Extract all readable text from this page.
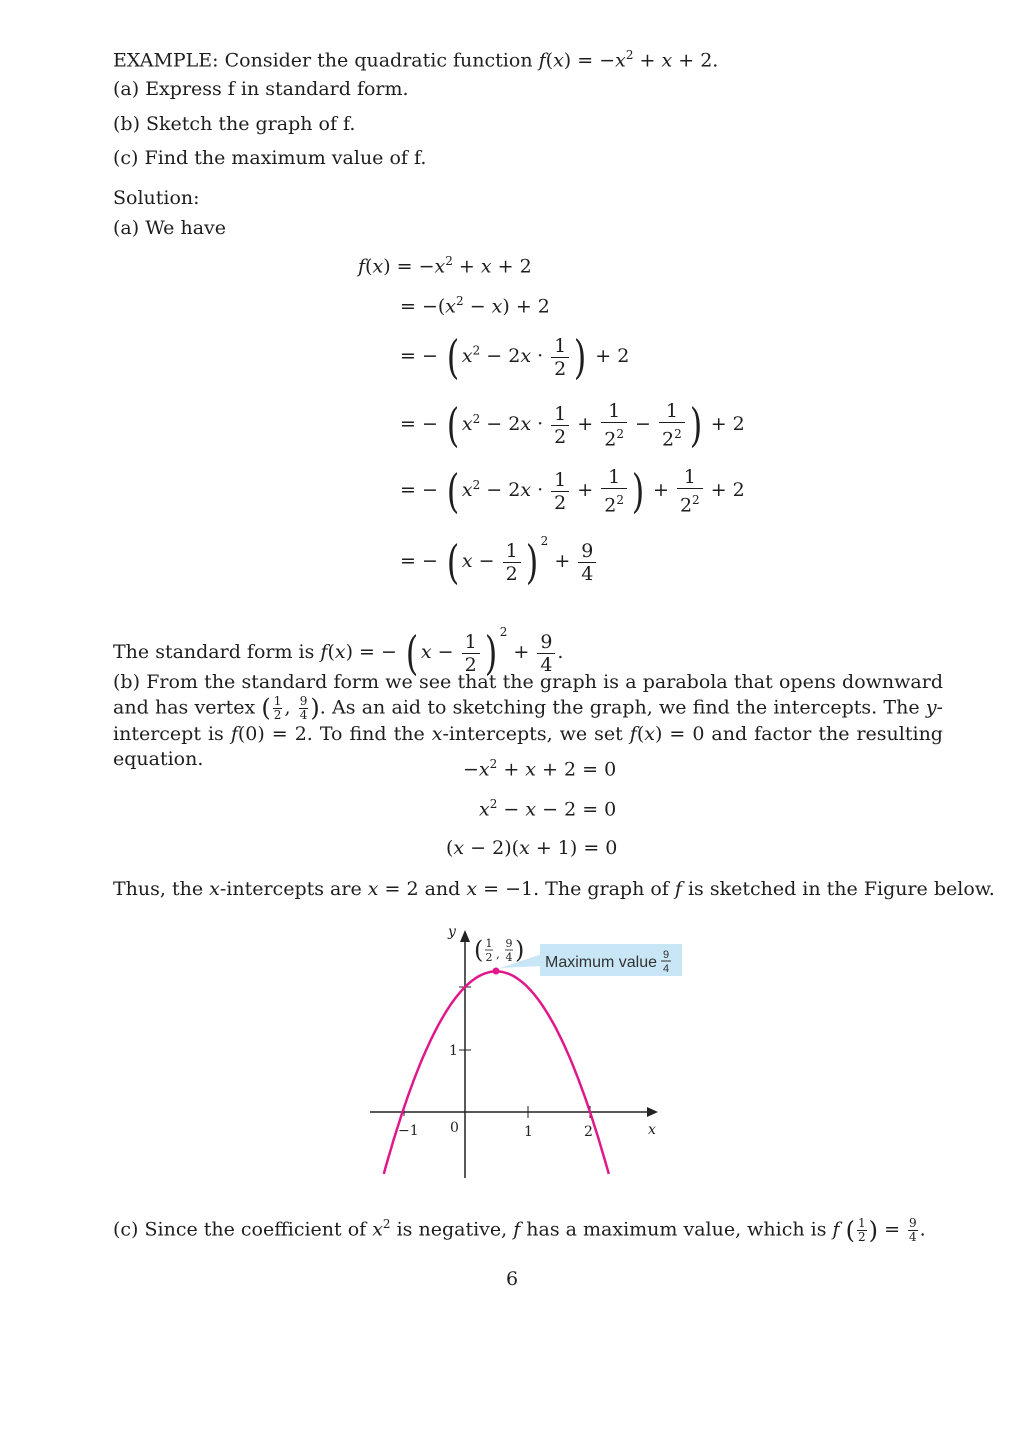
EXAMPLE: Consider the quadratic function $f(x) = -x^2 + x + 2$.
(a) Express f in standard form.
(b) Sketch the graph of f.
(c) Find the maximum value of f.
Solution:
(a) We have
$f(x) = -x^2 + x + 2$
= $-(x^2 - x) + 2$
= − ( $x^2 - 2x \cdot \frac{1}{2}$ ) + 2
= − ( $x^2 - 2x \cdot \frac{1}{2} + \frac{1}{2^2} - \frac{1}{2^2}$ ) + 2
= − ( $x^2 - 2x \cdot \frac{1}{2} + \frac{1}{2^2}$ ) + $\frac{1}{2^2} + 2$
= − ( $x - \frac{1}{2}$ ) $^2 + \frac{9}{4}$
The standard form is f(x) = − ( $x - \frac{1}{2}$ ) $^2 + \frac{9}{4}$ .
(b) From the standard form we see that the graph is a parabola that opens downward and has vertex ( $\frac{1}{2}$ , $\frac{9}{4}$ ). As an aid to sketching the graph, we find the intercepts. The y-intercept is f(0) = 2. To find the x-intercepts, we set f(x) = 0 and factor the resulting equation.	$-x^2 + x + 2 = 0$
$x^2 - x - 2 = 0$
(x − 2)(x + 1) = 0
Thus, the x-intercepts are x = 2 and x = −1. The graph of f is sketched in the Figure below.
(c) Since the coefficient of $x^2$ is negative, f has a maximum value, which is f ( $\frac{1}{2}$ ) = $\frac{9}{4}$ .
Maximum value 9
4
( 1
2 ,
9
4 )
y
x
−1 0	1	2
1
6
